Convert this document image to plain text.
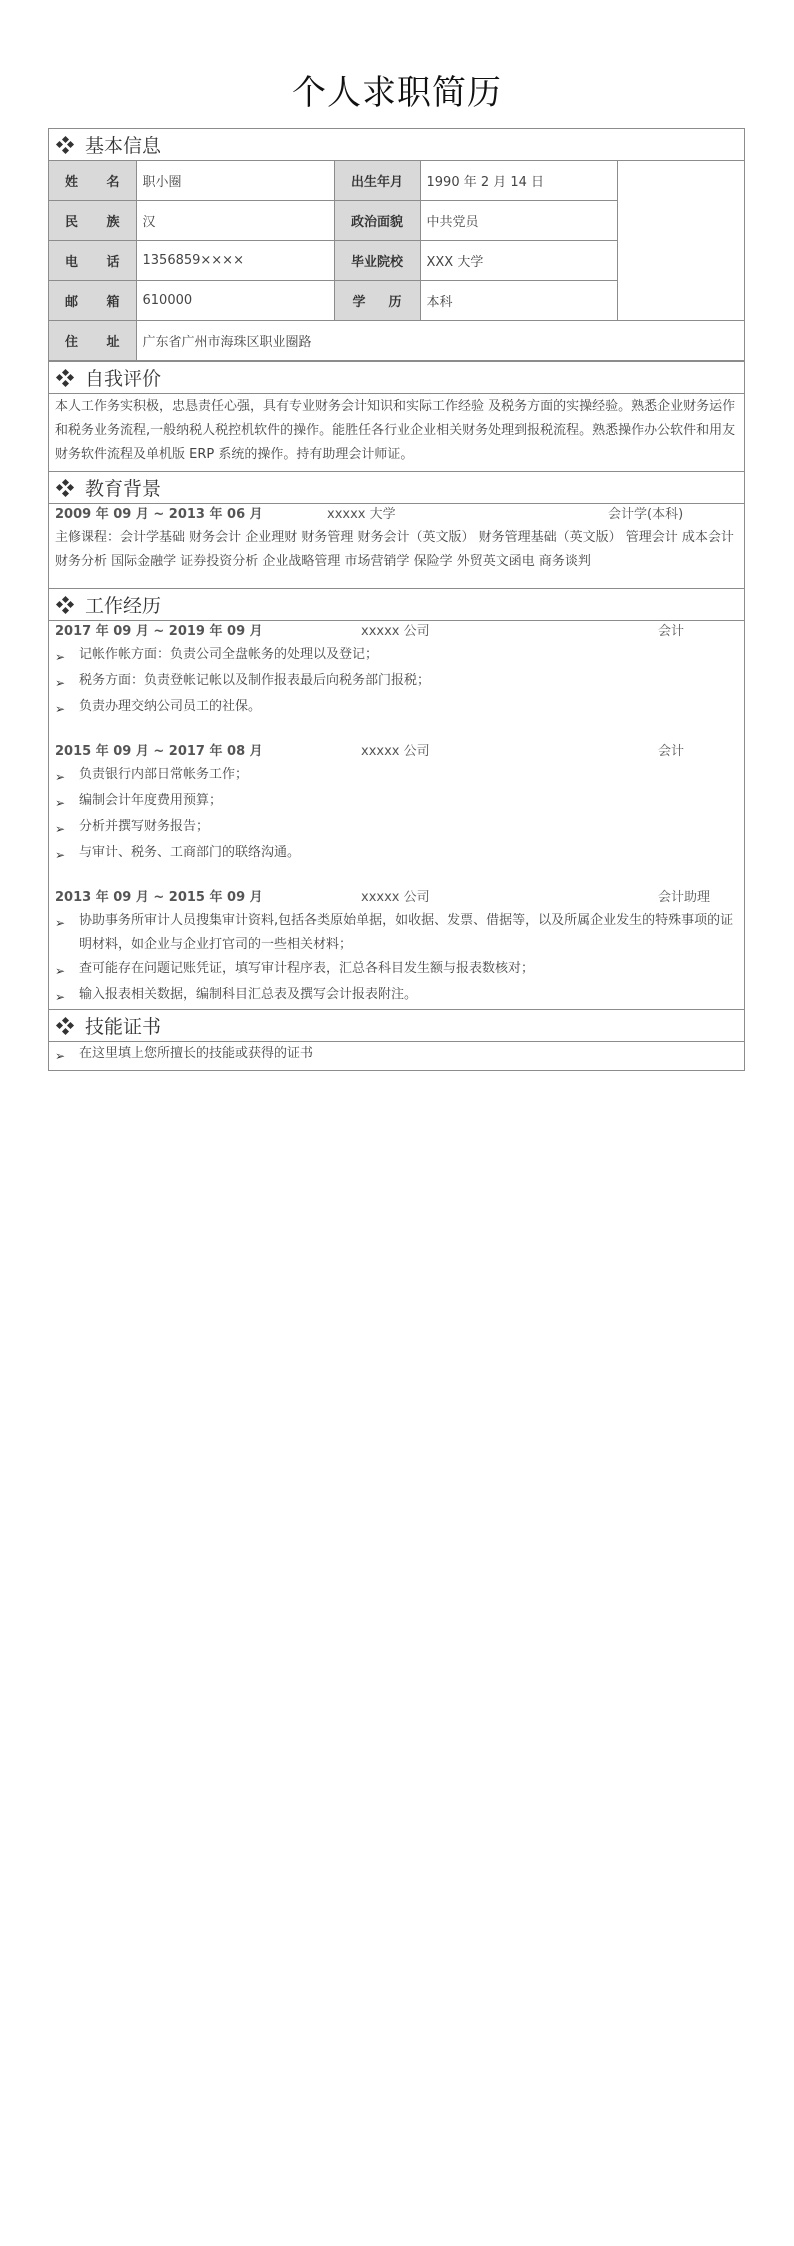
个人求职简历
基本信息
姓名	职小圈	出生年月	1990 年 2 月 14 日	
民族	汉	政治面貌	中共党员	
电话	1356859××××	毕业院校	XXX 大学	
邮箱	610000	学历	本科	
住址	广东省广州市海珠区职业圈路			
自我评价
本人工作务实积极，忠恳责任心强，具有专业财务会计知识和实际工作经验 及税务方面的实操经验。熟悉企业财务运作和税务业务流程,一般纳税人税控机软件的操作。能胜任各行业企业相关财务处理到报税流程。熟悉操作办公软件和用友财务软件流程及单机版 ERP 系统的操作。持有助理会计师证。
教育背景
2009 年 09 月 ~ 2013 年 06 月	xxxxx 大学	会计学(本科)
主修课程：会计学基础 财务会计 企业理财 财务管理 财务会计（英文版） 财务管理基础（英文版） 管理会计 成本会计 财务分析 国际金融学 证券投资分析 企业战略管理 市场营销学 保险学 外贸英文函电 商务谈判
工作经历
2017 年 09 月 ~ 2019 年 09 月	xxxxx 公司	会计
➢	记帐作帐方面：负责公司全盘帐务的处理以及登记；
➢	税务方面：负责登帐记帐以及制作报表最后向税务部门报税；
➢	负责办理交纳公司员工的社保。
2015 年 09 月 ~ 2017 年 08 月	xxxxx 公司	会计
➢	负责银行内部日常帐务工作；
➢	编制会计年度费用预算；
➢	分析并撰写财务报告；
➢	与审计、税务、工商部门的联络沟通。
2013 年 09 月 ~ 2015 年 09 月	xxxxx 公司	会计助理
➢	协助事务所审计人员搜集审计资料,包括各类原始单据，如收据、发票、借据等，以及所属企业发生的特殊事项的证明材料，如企业与企业打官司的一些相关材料；
➢	查可能存在问题记账凭证，填写审计程序表，汇总各科目发生额与报表数核对；
➢	输入报表相关数据，编制科目汇总表及撰写会计报表附注。
技能证书
➢	在这里填上您所擅长的技能或获得的证书
